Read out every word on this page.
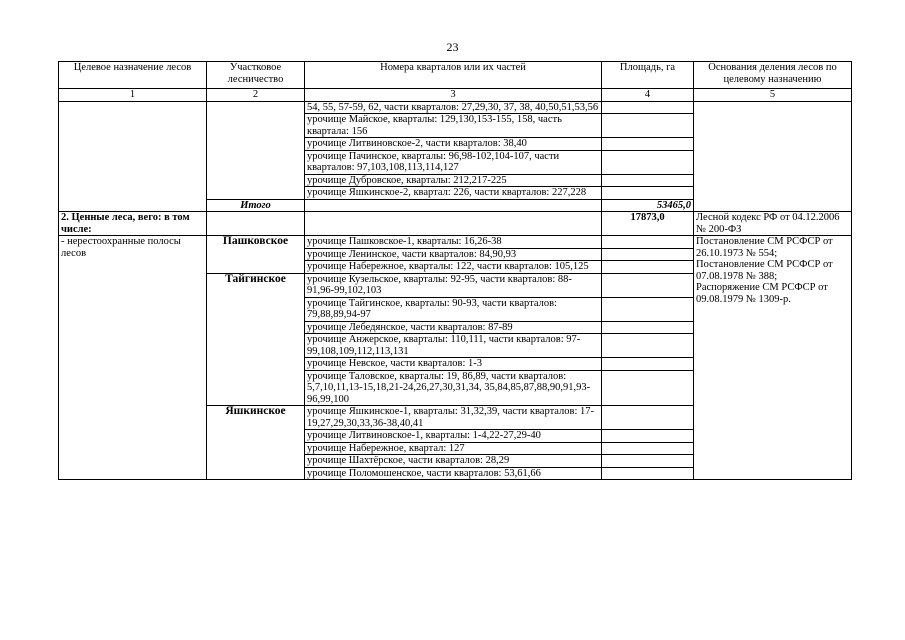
23
Целевое назначение лесов	Участковое лесничество	Номера кварталов или их частей	Площадь, га	Основания деления лесов по целевому назначению
1	2	3	4	5
		54, 55, 57-59, 62, части кварталов: 27,29,30, 37, 38, 40,50,51,53,56		
		урочище Майское, кварталы: 129,130,153-155, 158, часть квартала: 156		
		урочище Литвиновское-2, части кварталов: 38,40		
		урочище Пачинское, кварталы: 96,98-102,104-107, части кварталов: 97,103,108,113,114,127		
		урочище Дубровское, кварталы: 212,217-225		
		урочище Яшкинское-2, квартал: 226, части кварталов: 227,228		
	Итого		53465,0	
2. Ценные леса, вего: в том числе:			17873,0	Лесной кодекс РФ от 04.12.2006 № 200-ФЗ
- нерестоохранные полосы лесов	Пашковское	урочище Пашковское-1, кварталы: 16,26-38		Постановление СМ РСФСР от 26.10.1973 № 554;
Постановление СМ РСФСР от 07.08.1978 № 388;
Распоряжение СМ РСФСР от 09.08.1979 № 1309-р.

		урочище Ленинское, части кварталов: 84,90,93		
		урочище Набережное, кварталы: 122, части кварталов: 105,125		
	Тайгинское	урочище Кузельское, кварталы: 92-95, части кварталов: 88-91,96-99,102,103		
		урочище Тайгинское, кварталы: 90-93, части кварталов: 79,88,89,94-97		
		урочище Лебедянское, части кварталов: 87-89		
		урочище Анжерское, кварталы: 110,111, части кварталов: 97-99,108,109,112,113,131		
		урочище Невское, части кварталов: 1-3		
		урочище Таловское, кварталы: 19, 86,89, части кварталов: 5,7,10,11,13-15,18,21-24,26,27,30,31,34, 35,84,85,87,88,90,91,93-96,99,100		
	Яшкинское	урочище Яшкинское-1, кварталы: 31,32,39, части кварталов: 17-19,27,29,30,33,36-38,40,41		
		урочище Литвиновское-1, кварталы: 1-4,22-27,29-40		
		урочище Набережное, квартал: 127		
		урочище Шахтёрское, части кварталов: 28,29		
		урочище Поломошенское, части кварталов: 53,61,66		
